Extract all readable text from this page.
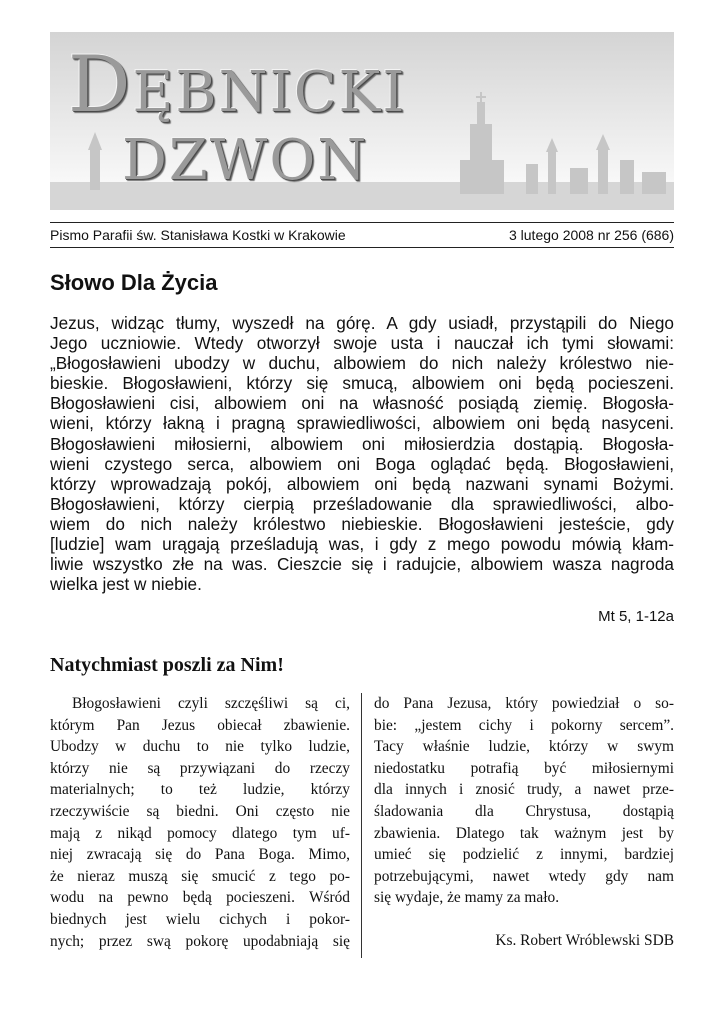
DĘBNICKI
DZWON
Pismo Parafii św. Stanisława Kostki w Krakowie	3 lutego 2008 nr 256 (686)
Słowo Dla Życia

Jezus, widząc tłumy, wyszedł na górę. A gdy usiadł, przystąpili do Niego
Jego uczniowie. Wtedy otworzył swoje usta i nauczał ich tymi słowami:
„Błogosławieni ubodzy w duchu, albowiem do nich należy królestwo nie-
bieskie. Błogosławieni, którzy się smucą, albowiem oni będą pocieszeni.
Błogosławieni cisi, albowiem oni na własność posiądą ziemię. Błogosła-
wieni, którzy łakną i pragną sprawiedliwości, albowiem oni będą nasyceni.
Błogosławieni miłosierni, albowiem oni miłosierdzia dostąpią. Błogosła-
wieni czystego serca, albowiem oni Boga oglądać będą. Błogosławieni,
którzy wprowadzają pokój, albowiem oni będą nazwani synami Bożymi.
Błogosławieni, którzy cierpią prześladowanie dla sprawiedliwości, albo-
wiem do nich należy królestwo niebieskie. Błogosławieni jesteście, gdy
[ludzie] wam urągają prześladują was, i gdy z mego powodu mówią kłam-
liwie wszystko złe na was. Cieszcie się i radujcie, albowiem wasza nagroda
wielka jest w niebie.

Mt 5, 1-12a
Natychmiast poszli za Nim!

Błogosławieni czyli szczęśliwi są ci,
którym Pan Jezus obiecał zbawienie.
Ubodzy w duchu to nie tylko ludzie,
którzy nie są przywiązani do rzeczy
materialnych; to też ludzie, którzy
rzeczywiście są biedni. Oni często nie
mają z nikąd pomocy dlatego tym uf-
niej zwracają się do Pana Boga. Mimo,
że nieraz muszą się smucić z tego po-
wodu na pewno będą pocieszeni. Wśród
biednych jest wielu cichych i pokor-
nych; przez swą pokorę upodabniają się

do Pana Jezusa, który powiedział o so-
bie: „jestem cichy i pokorny sercem”.
Tacy właśnie ludzie, którzy w swym
niedostatku potrafią być miłosiernymi
dla innych i znosić trudy, a nawet prze-
śladowania dla Chrystusa, dostąpią
zbawienia. Dlatego tak ważnym jest by
umieć się podzielić z innymi, bardziej
potrzebującymi, nawet wtedy gdy nam
się wydaje, że mamy za mało.

Ks. Robert Wróblewski SDB
